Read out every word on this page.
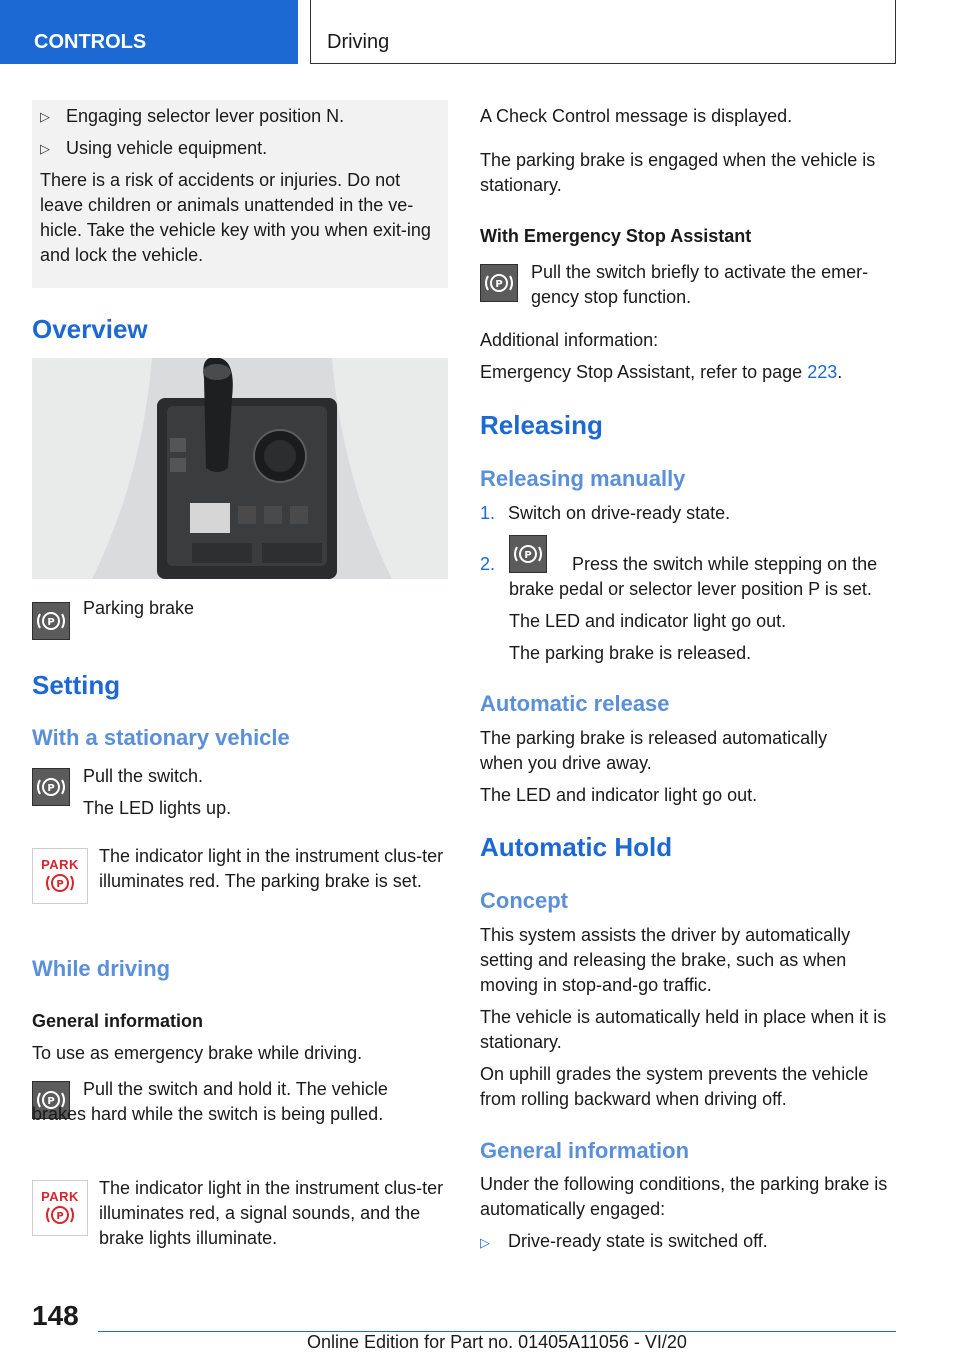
CONTROLS	Driving
▷ Engaging selector lever position N.
▷ Using vehicle equipment.

There is a risk of accidents or injuries. Do not leave children or animals unattended in the ve-hicle. Take the vehicle key with you when exit-ing and lock the vehicle.

Overview
P
Parking brake
Setting
With a stationary vehicle
P

Pull the switch.

The LED lights up.

PARK
P
The indicator light in the instrument clus-ter illuminates red. The parking brake is set.
While driving
General information
To use as emergency brake while driving.
P
Pull the switch and hold it. The vehicle brakes hard while the switch is being pulled.
PARK
P
The indicator light in the instrument clus-ter illuminates red, a signal sounds, and the brake lights illuminate.
A Check Control message is displayed.
The parking brake is engaged when the vehicle is stationary.
With Emergency Stop Assistant
P
Pull the switch briefly to activate the emer-gency stop function.
Additional information:
Emergency Stop Assistant, refer to page 223.
Releasing
Releasing manually
1. Switch on drive-ready state.
2.	P	Press the switch while stepping on the brake pedal or selector lever position P is set.
The LED and indicator light go out.
The parking brake is released.
Automatic release
The parking brake is released automatically when you drive away.
The LED and indicator light go out.
Automatic Hold
Concept
This system assists the driver by automatically setting and releasing the brake, such as when moving in stop-and-go traffic.
The vehicle is automatically held in place when it is stationary.
On uphill grades the system prevents the vehicle from rolling backward when driving off.
General information
Under the following conditions, the parking brake is automatically engaged:
▷ Drive-ready state is switched off.
148
Online Edition for Part no. 01405A11056 - VI/20
